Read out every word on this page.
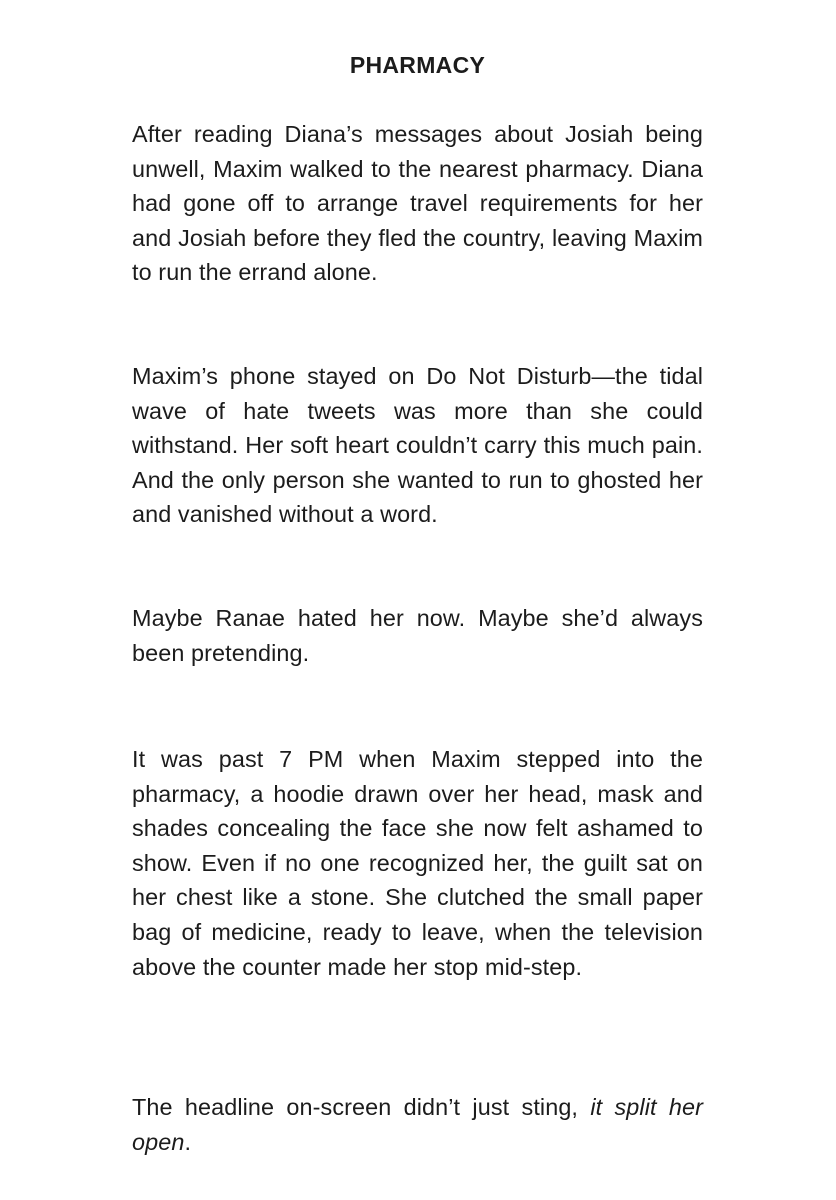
PHARMACY

After reading Diana’s messages about Josiah being unwell, Maxim walked to the nearest pharmacy. Diana had gone off to arrange travel requirements for her and Josiah before they fled the country, leaving Maxim to run the errand alone.

Maxim’s phone stayed on Do Not Disturb—the tidal wave of hate tweets was more than she could withstand. Her soft heart couldn’t carry this much pain. And the only person she wanted to run to ghosted her and vanished without a word.

Maybe Ranae hated her now. Maybe she’d always been pretending.

It was past 7 PM when Maxim stepped into the pharmacy, a hoodie drawn over her head, mask and shades concealing the face she now felt ashamed to show. Even if no one recognized her, the guilt sat on her chest like a stone. She clutched the small paper bag of medicine, ready to leave, when the television above the counter made her stop mid-step.

The headline on-screen didn’t just sting, it split her open.
